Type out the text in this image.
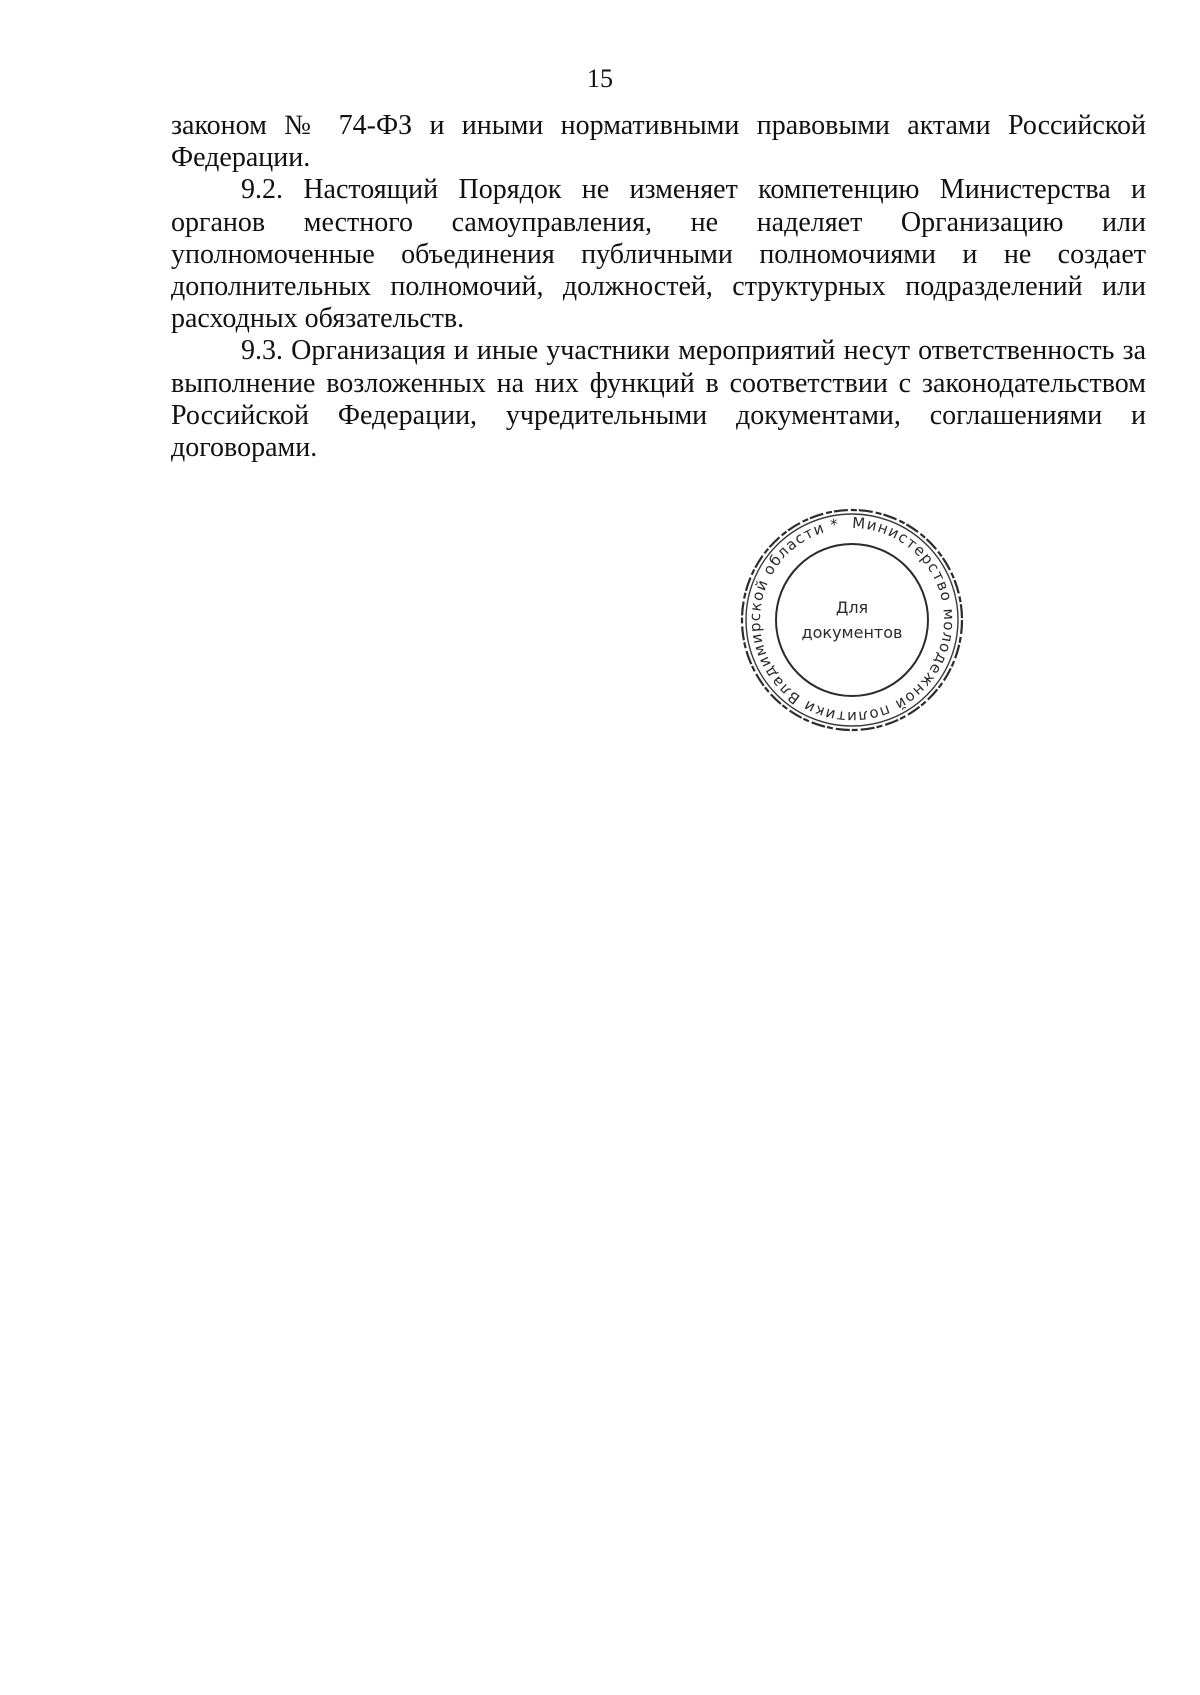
15

законом № 74-ФЗ и иными нормативными правовыми актами Российской Федерации.

9.2. Настоящий Порядок не изменяет компетенцию Министерства и органов местного самоуправления, не наделяет Организацию или уполномоченные объединения публичными полномочиями и не создает дополнительных полномочий, должностей, структурных подразделений или расходных обязательств.

9.3. Организация и иные участники мероприятий несут ответственность за выполнение возложенных на них функций в соответствии с законодательством Российской Федерации, учредительными документами, соглашениями и договорами.

Министерство молодежной политики Владимирской области *
Для
документов
